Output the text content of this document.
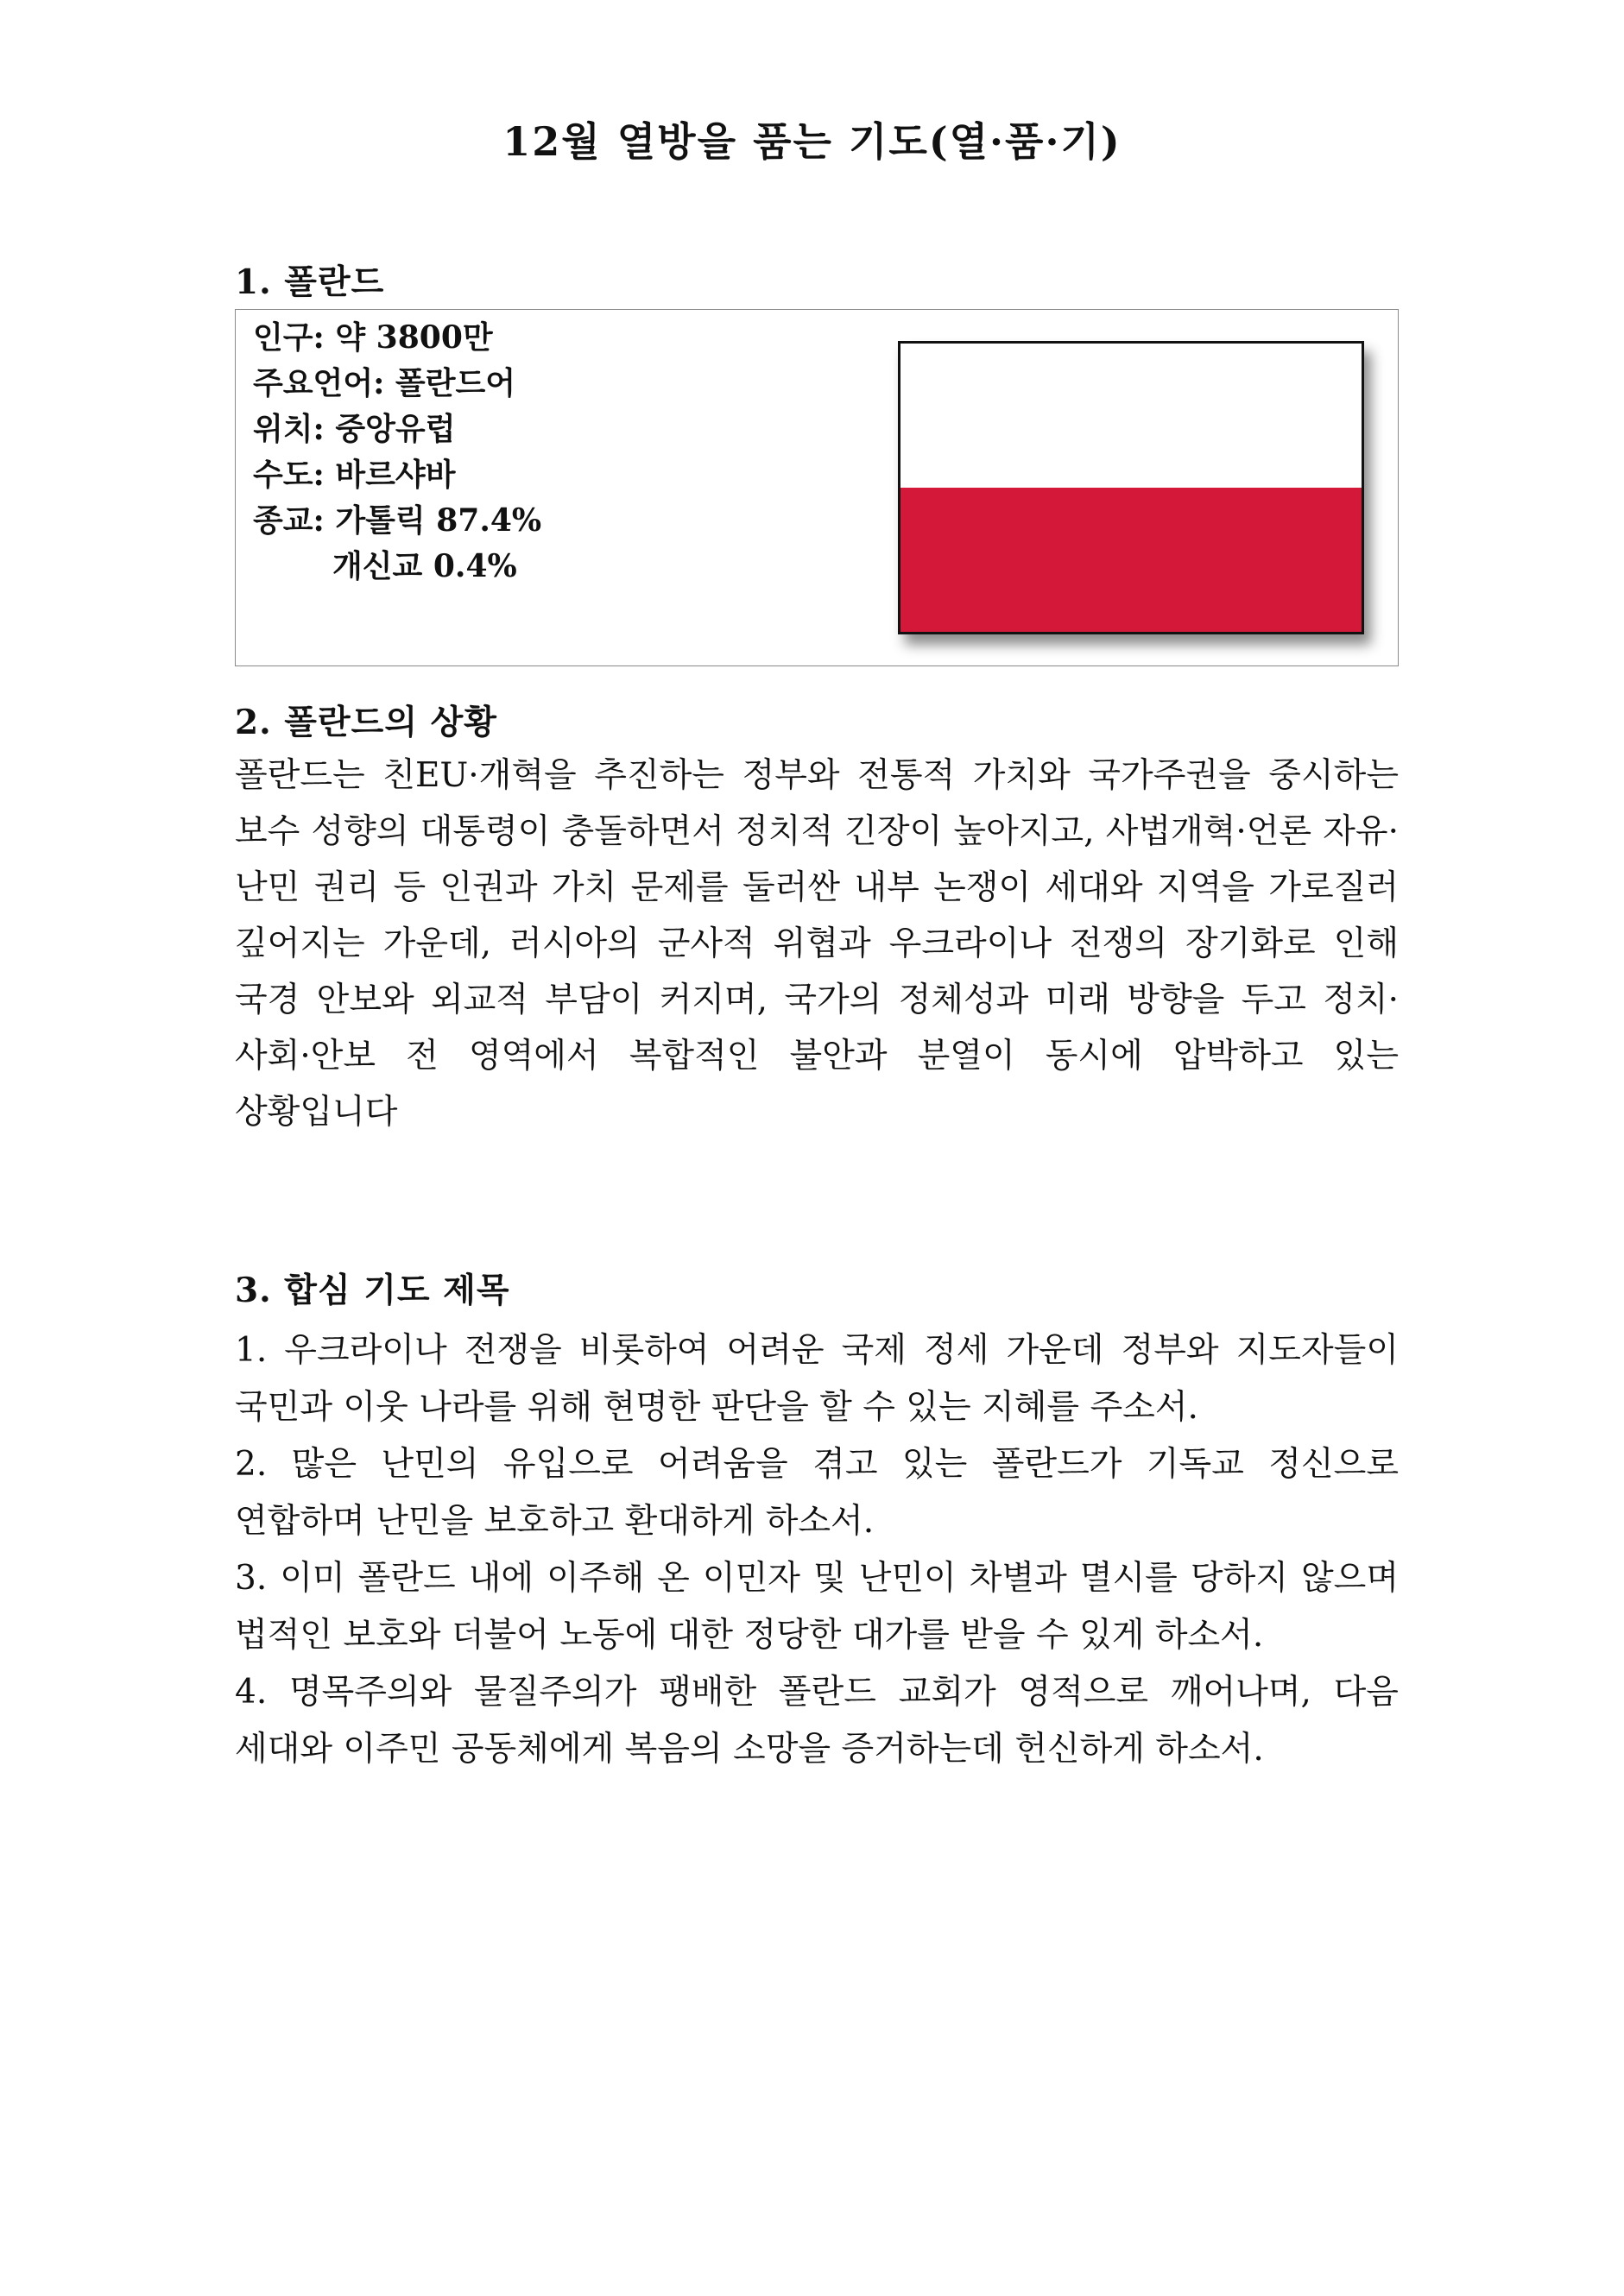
12월 열방을 품는 기도(열·품·기)
1. 폴란드
인구: 약 3800만
주요언어: 폴란드어
위치: 중앙유럽
수도: 바르샤바
종교: 가톨릭 87.4%
개신교 0.4%
2. 폴란드의 상황

폴란드는 친EU·개혁을 추진하는 정부와 전통적 가치와 국가주권을 중시하는 보수 성향의 대통령이 충돌하면서 정치적 긴장이 높아지고, 사법개혁·언론 자유·난민 권리 등 인권과 가치 문제를 둘러싼 내부 논쟁이 세대와 지역을 가로질러 깊어지는 가운데, 러시아의 군사적 위협과 우크라이나 전쟁의 장기화로 인해 국경 안보와 외교적 부담이 커지며, 국가의 정체성과 미래 방향을 두고 정치·사회·안보 전 영역에서 복합적인 불안과 분열이 동시에 압박하고 있는 상황입니다

3. 합심 기도 제목
1. 우크라이나 전쟁을 비롯하여 어려운 국제 정세 가운데 정부와 지도자들이 국민과 이웃 나라를 위해 현명한 판단을 할 수 있는 지혜를 주소서.
2. 많은 난민의 유입으로 어려움을 겪고 있는 폴란드가 기독교 정신으로 연합하며 난민을 보호하고 환대하게 하소서.
3. 이미 폴란드 내에 이주해 온 이민자 및 난민이 차별과 멸시를 당하지 않으며 법적인 보호와 더불어 노동에 대한 정당한 대가를 받을 수 있게 하소서.
4. 명목주의와 물질주의가 팽배한 폴란드 교회가 영적으로 깨어나며, 다음 세대와 이주민 공동체에게 복음의 소망을 증거하는데 헌신하게 하소서.
